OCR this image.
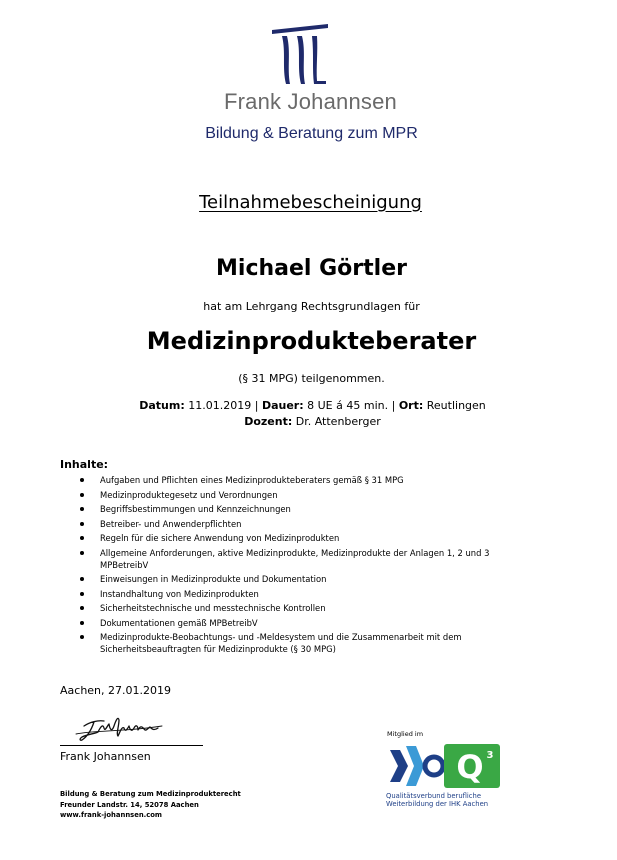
Frank Johannsen
Bildung & Beratung zum MPR
Teilnahmebescheinigung
Michael Görtler
hat am Lehrgang Rechtsgrundlagen für
Medizinprodukteberater
(§ 31 MPG) teilgenommen.
Datum: 11.01.2019 | Dauer: 8 UE á 45 min. | Ort: Reutlingen
Dozent: Dr. Attenberger
Inhalte:
Aufgaben und Pflichten eines Medizinprodukteberaters gemäß § 31 MPG
Medizinproduktegesetz und Verordnungen
Begriffsbestimmungen und Kennzeichnungen
Betreiber- und Anwenderpflichten
Regeln für die sichere Anwendung von Medizinprodukten
Allgemeine Anforderungen, aktive Medizinprodukte, Medizinprodukte der Anlagen 1, 2 und 3 MPBetreibV
Einweisungen in Medizinprodukte und Dokumentation
Instandhaltung von Medizinprodukten
Sicherheitstechnische und messtechnische Kontrollen
Dokumentationen gemäß MPBetreibV
Medizinprodukte-Beobachtungs- und -Meldesystem und die Zusammenarbeit mit dem Sicherheitsbeauftragten für Medizinprodukte (§ 30 MPG)
Aachen, 27.01.2019
Frank Johannsen
Bildung & Beratung zum Medizinprodukterecht
Freunder Landstr. 14, 52078 Aachen
www.frank-johannsen.com
Mitglied im
Q 3
Qualitätsverbund berufliche
Weiterbildung der IHK Aachen
